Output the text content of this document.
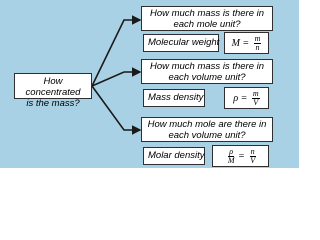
How concentrated
is the mass?
How much mass is there in
each mole unit?
Molecular weight $M = \frac{m}{n}$
How much mass is there in
each volume unit?
Mass density	$\rho = \frac{m}{V}$
How much mole are there in
each volume unit?
Molar density	$\frac{\rho}{M} = \frac{n}{V}$
